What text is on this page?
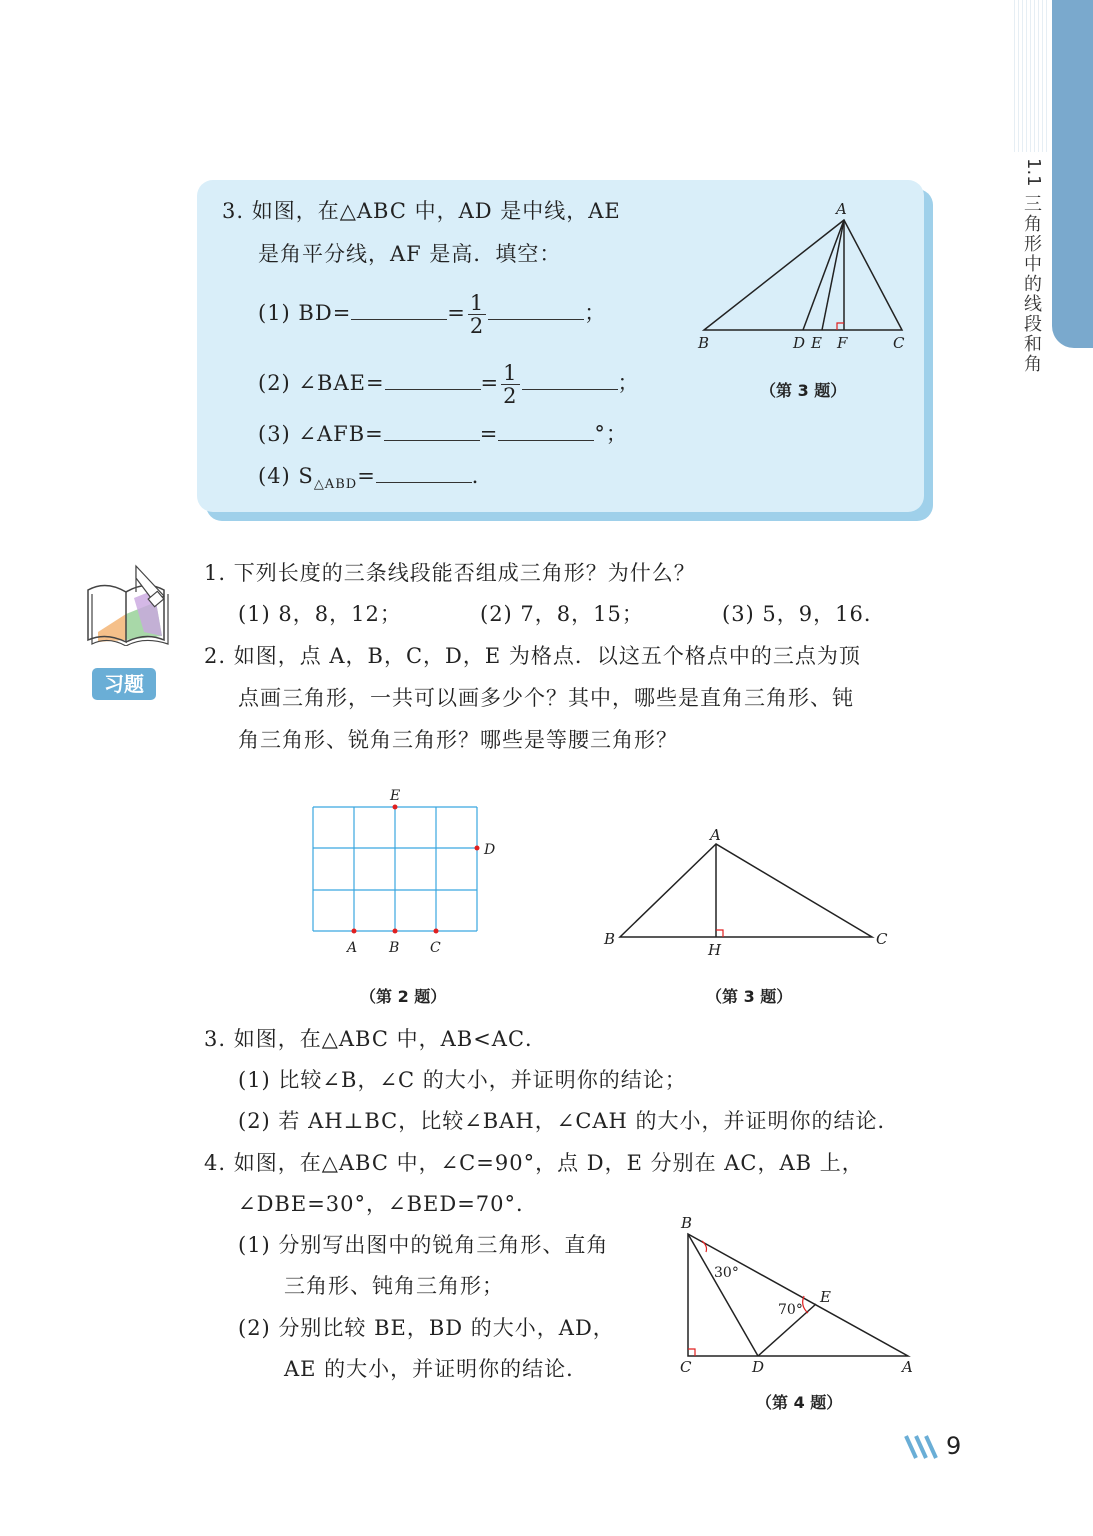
1.1
三角形中的线段和角
3. 如图，在△ABC 中，AD 是中线，AE
是角平分线，AF 是高．填空：
(1) BD=	= $\frac{1}{2}$	；
(2) ∠BAE=	= $\frac{1}{2}$	；
(3) ∠AFB=	=	°；
(4) $S_{\triangle ABD}=$	．
A
B	D E F	C
（第 3 题）
习题
1. 下列长度的三条线段能否组成三角形？为什么？
(1) 8，8，12；	(2) 7，8，15；	(3) 5，9，16．
2. 如图，点 A，B，C，D，E 为格点．以这五个格点中的三点为顶
点画三角形，一共可以画多少个？其中，哪些是直角三角形、钝
角三角形、锐角三角形？哪些是等腰三角形？
A B C
D
E
（第 2 题）
A
B	C
H
（第 3 题）
3. 如图，在△ABC 中，AB<AC．
(1) 比较∠B，∠C 的大小，并证明你的结论；
(2) 若 AH⊥BC，比较∠BAH，∠CAH 的大小，并证明你的结论．
4. 如图，在△ABC 中，∠C=90°，点 D，E 分别在 AC，AB 上，
∠DBE=30°，∠BED=70°．
(1) 分别写出图中的锐角三角形、直角
三角形、钝角三角形；
(2) 分别比较 BE，BD 的大小，AD，
AE 的大小，并证明你的结论．
B
C	D	A
E
30°
70°
（第 4 题）
9
